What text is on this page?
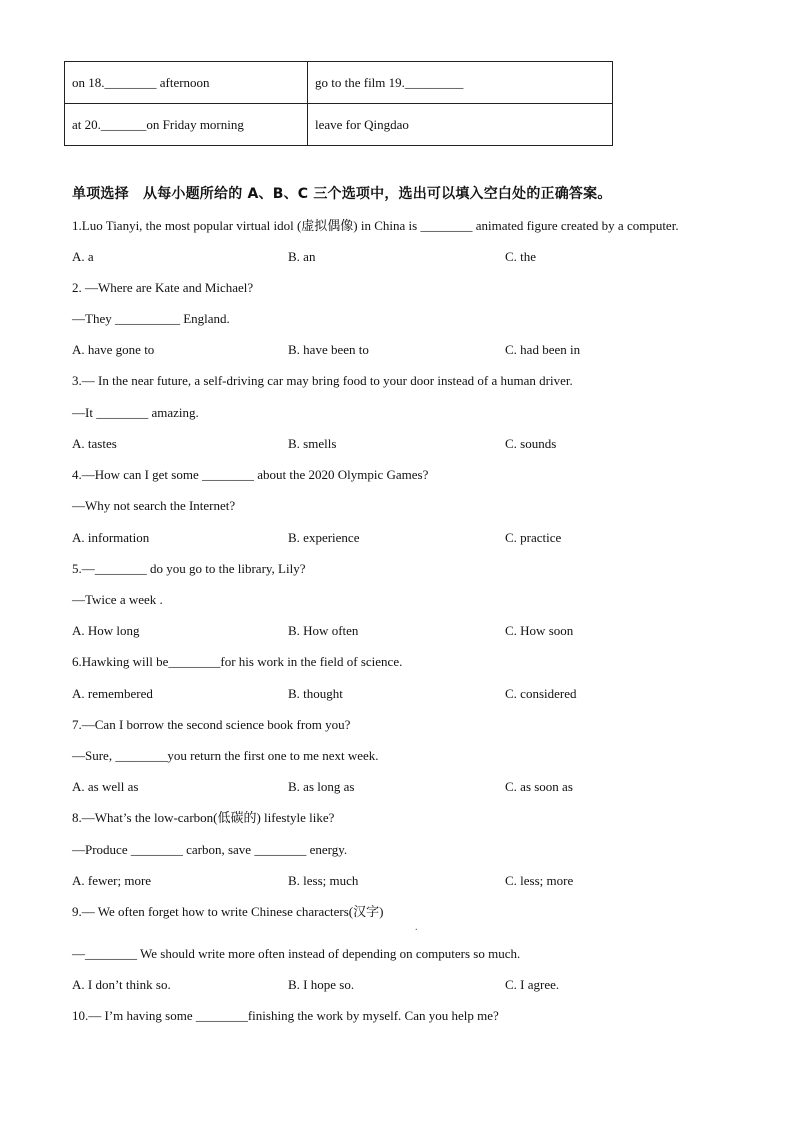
on 18.________ afternoon	go to the film 19._________
at 20._______on Friday morning	leave for Qingdao
单项选择　从每小题所给的 A、B、C 三个选项中，选出可以填入空白处的正确答案。
1.Luo Tianyi, the most popular virtual idol (虚拟偶像) in China is ________ animated figure created by a computer.
A. a	B. an	C. the
2. —Where are Kate and Michael?
—They __________ England.
A. have gone to	B. have been to	C. had been in
3.— In the near future, a self-driving car may bring food to your door instead of a human driver.
—It ________ amazing.
A. tastes	B. smells	C. sounds
4.—How can I get some ________ about the 2020 Olympic Games?
—Why not search the Internet?
A. information	B. experience	C. practice
5.—________ do you go to the library, Lily?
—Twice a week .
A. How long	B. How often	C. How soon
6.Hawking will be________for his work in the field of science.
A. remembered	B. thought	C. considered
7.—Can I borrow the second science book from you?
—Sure, ________you return the first one to me next week.
A. as well as	B. as long as	C. as soon as
8.—What’s the low-carbon(低碳的) lifestyle like?
—Produce ________ carbon, save ________ energy.
A. fewer; more	B. less; much	C. less; more
9.— We often forget how to write Chinese characters(汉字)
.
—________ We should write more often instead of depending on computers so much.
A. I don’t think so.	B. I hope so.	C. I agree.
10.— I’m having some ________finishing the work by myself. Can you help me?
